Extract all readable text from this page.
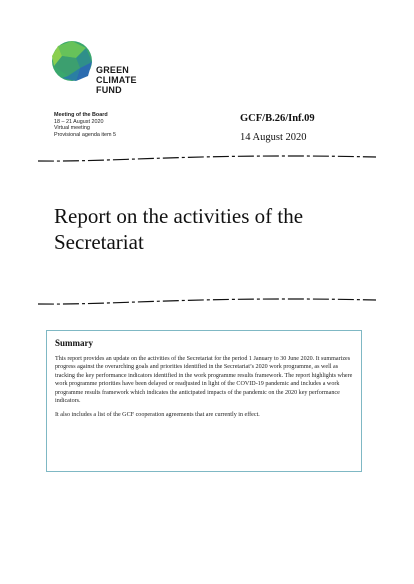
GREEN
CLIMATE
FUND
Meeting of the Board
18 – 21 August 2020
Virtual meeting
Provisional agenda item 5
GCF/B.26/Inf.09
14 August 2020
Report on the activities of the Secretariat
Summary

This report provides an update on the activities of the Secretariat for the period 1 January to 30 June 2020. It summarizes progress against the overarching goals and priorities identified in the Secretariat’s 2020 work programme, as well as tracking the key performance indicators identified in the work programme results framework. The report highlights where work programme priorities have been delayed or readjusted in light of the COVID-19 pandemic and includes a work programme results framework which indicates the anticipated impacts of the pandemic on the 2020 key performance indicators.

It also includes a list of the GCF cooperation agreements that are currently in effect.
